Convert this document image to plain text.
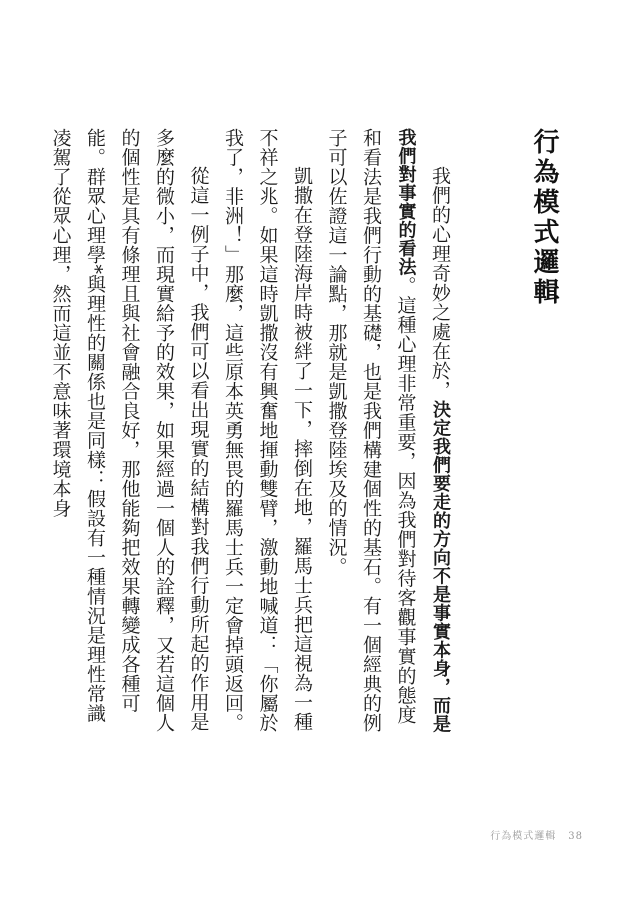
行為模式邏輯

我們的心理奇妙之處在於，決定我們要走的方向不是事實本身，而是我們對事實的看法。這種心理非常重要，因為我們對待客觀事實的態度和看法是我們行動的基礎，也是我們構建個性的基石。有一個經典的例子可以佐證這一論點，那就是凱撒登陸埃及的情況。

凱撒在登陸海岸時被絆了一下，摔倒在地，羅馬士兵把這視為一種不祥之兆。如果這時凱撒沒有興奮地揮動雙臂，激動地喊道：「你屬於我了，非洲！」那麼，這些原本英勇無畏的羅馬士兵一定會掉頭返回。

從這一例子中，我們可以看出現實的結構對我們行動所起的作用是多麼的微小，而現實給予的效果，如果經過一個人的詮釋，又若這個人的個性是具有條理且與社會融合良好，那他能夠把效果轉變成各種可能。群眾心理學*與理性的關係也是同樣：假設有一種情況是理性常識凌駕了從眾心理，然而這並不意味著環境本身

行為模式邏輯 38
